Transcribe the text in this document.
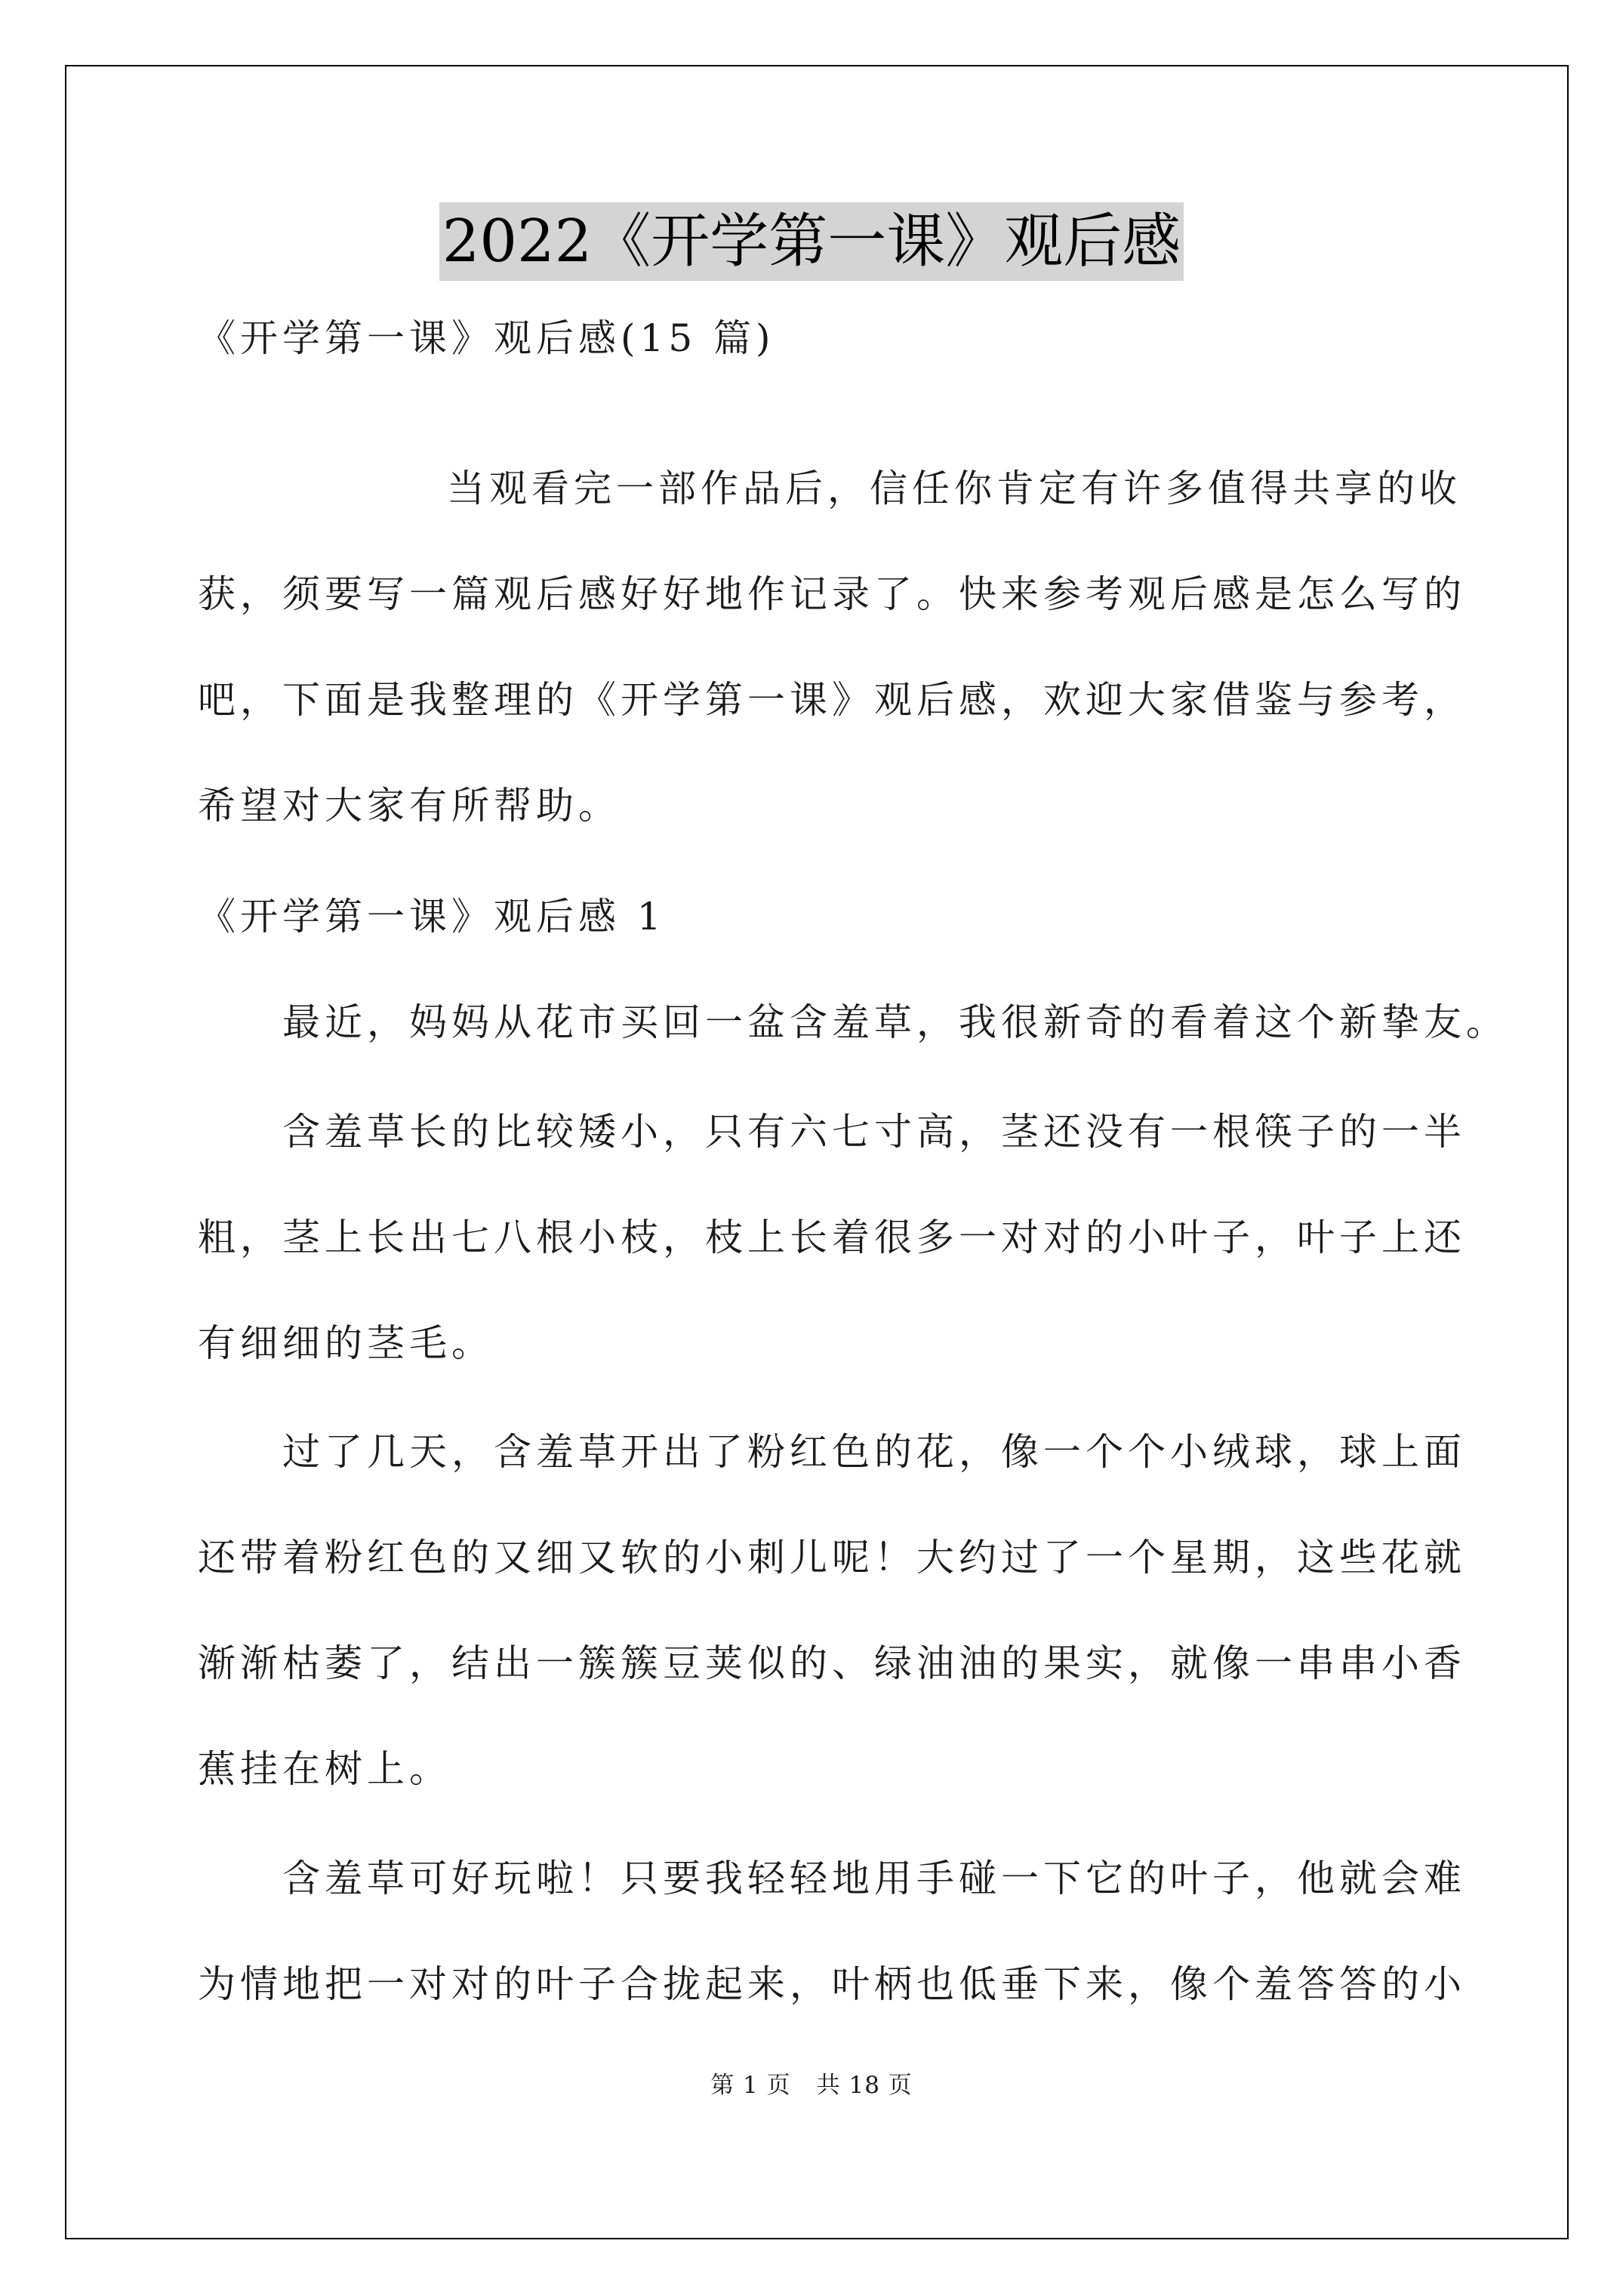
2022《开学第一课》观后感
《开学第一课》观后感(15 篇)
当观看完一部作品后，信任你肯定有许多值得共享的收
获，须要写一篇观后感好好地作记录了。快来参考观后感是怎么写的
吧，下面是我整理的《开学第一课》观后感，欢迎大家借鉴与参考，
希望对大家有所帮助。
《开学第一课》观后感 1
最近，妈妈从花市买回一盆含羞草，我很新奇的看着这个新挚友。
含羞草长的比较矮小，只有六七寸高，茎还没有一根筷子的一半
粗，茎上长出七八根小枝，枝上长着很多一对对的小叶子，叶子上还
有细细的茎毛。
过了几天，含羞草开出了粉红色的花，像一个个小绒球，球上面
还带着粉红色的又细又软的小刺儿呢！大约过了一个星期，这些花就
渐渐枯萎了，结出一簇簇豆荚似的、绿油油的果实，就像一串串小香
蕉挂在树上。
含羞草可好玩啦！只要我轻轻地用手碰一下它的叶子，他就会难
为情地把一对对的叶子合拢起来，叶柄也低垂下来，像个羞答答的小
第 1 页 共 18 页
